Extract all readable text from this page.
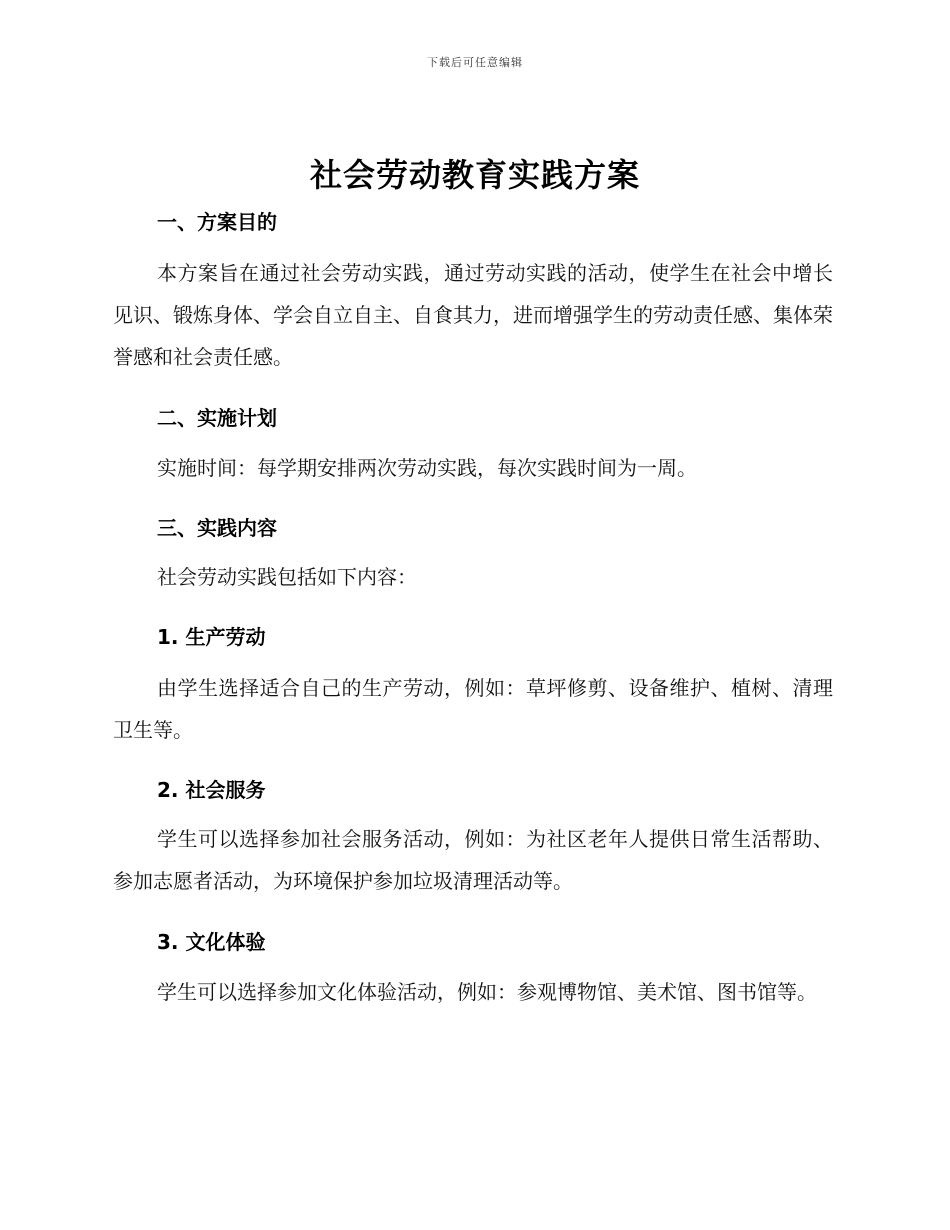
下载后可任意编辑
社会劳动教育实践方案
一、方案目的

本方案旨在通过社会劳动实践，通过劳动实践的活动，使学生在社会中增长见识、锻炼身体、学会自立自主、自食其力，进而增强学生的劳动责任感、集体荣誉感和社会责任感。

二、实施计划

实施时间：每学期安排两次劳动实践，每次实践时间为一周。

三、实践内容

社会劳动实践包括如下内容：

1. 生产劳动

由学生选择适合自己的生产劳动，例如：草坪修剪、设备维护、植树、清理卫生等。

2. 社会服务

学生可以选择参加社会服务活动，例如：为社区老年人提供日常生活帮助、参加志愿者活动，为环境保护参加垃圾清理活动等。

3. 文化体验

学生可以选择参加文化体验活动，例如：参观博物馆、美术馆、图书馆等。
